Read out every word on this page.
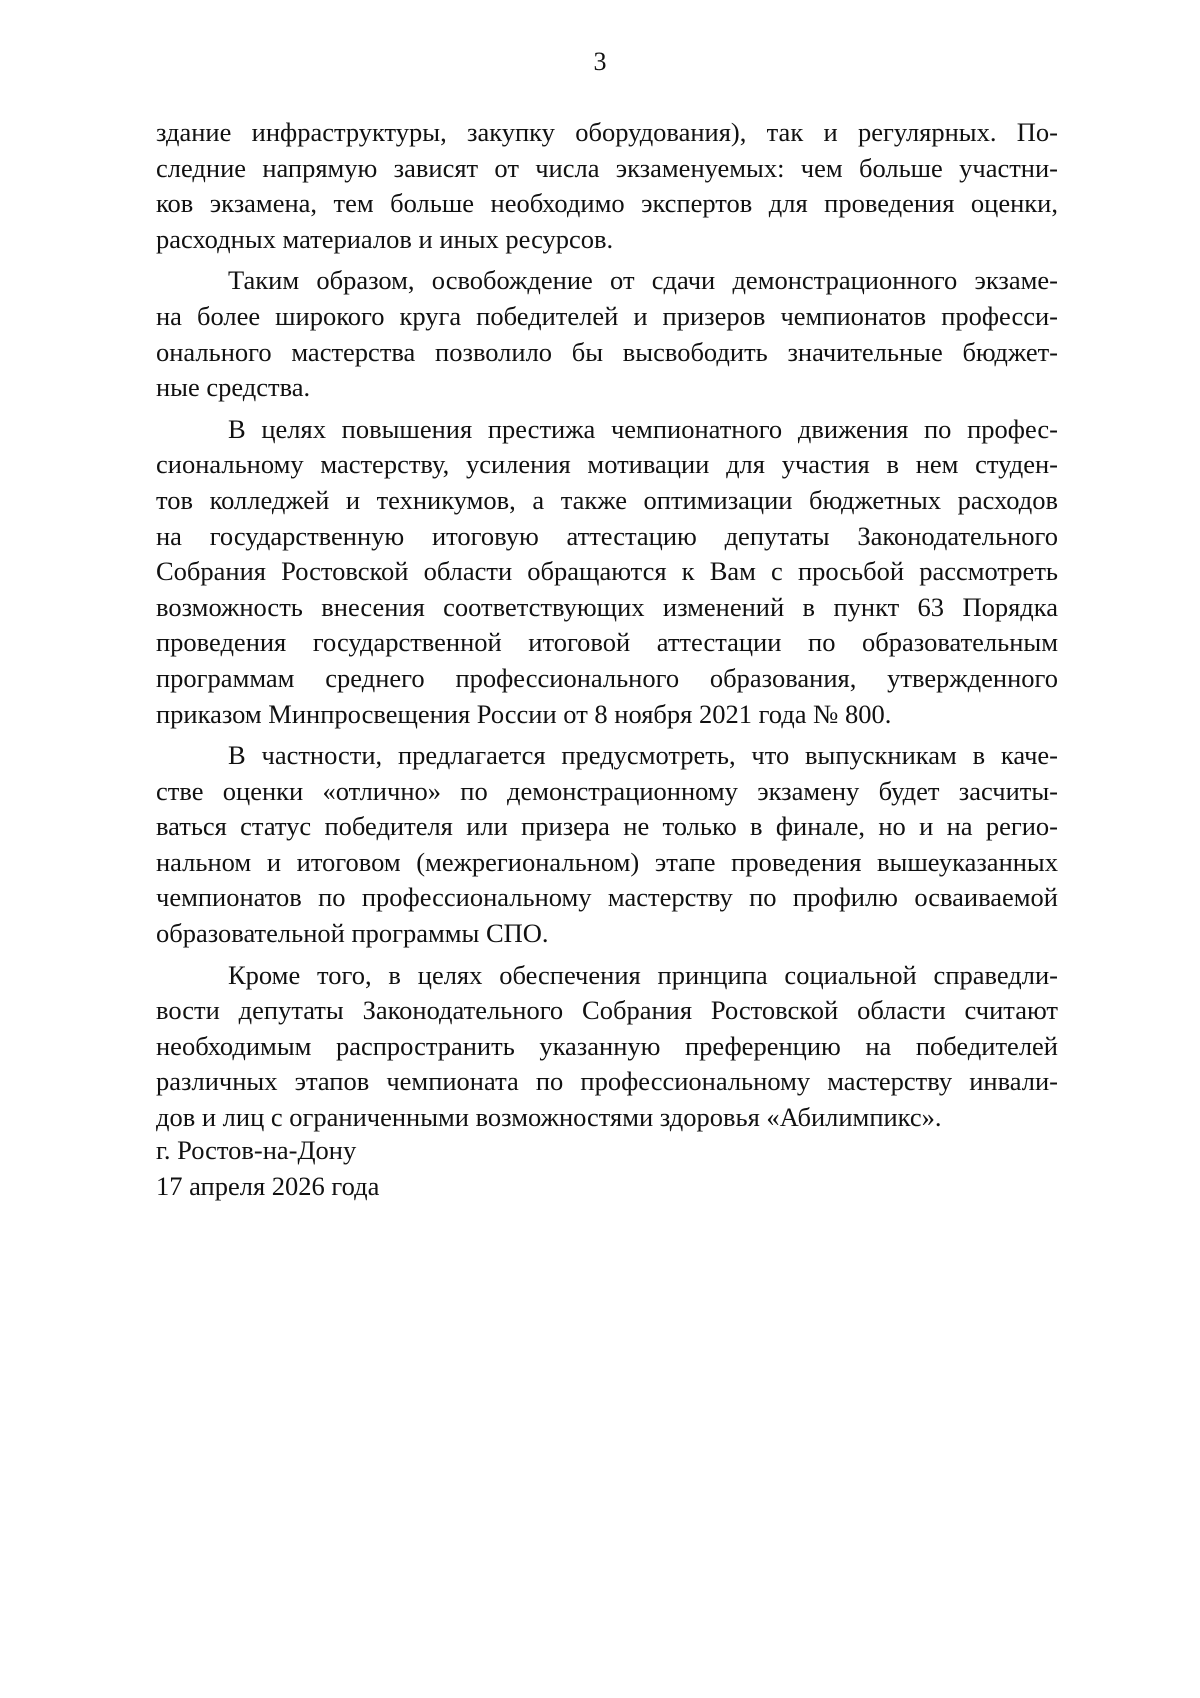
3
здание инфраструктуры, закупку оборудования), так и регулярных. По-
следние напрямую зависят от числа экзаменуемых: чем больше участни-
ков экзамена, тем больше необходимо экспертов для проведения оценки,
расходных материалов и иных ресурсов.
Таким образом, освобождение от сдачи демонстрационного экзаме-
на более широкого круга победителей и призеров чемпионатов професси-
онального мастерства позволило бы высвободить значительные бюджет-
ные средства.
В целях повышения престижа чемпионатного движения по профес-
сиональному мастерству, усиления мотивации для участия в нем студен-
тов колледжей и техникумов, а также оптимизации бюджетных расходов
на государственную итоговую аттестацию депутаты Законодательного
Собрания Ростовской области обращаются к Вам с просьбой рассмотреть
возможность внесения соответствующих изменений в пункт 63 Порядка
проведения государственной итоговой аттестации по образовательным
программам среднего профессионального образования, утвержденного
приказом Минпросвещения России от 8 ноября 2021 года № 800.
В частности, предлагается предусмотреть, что выпускникам в каче-
стве оценки «отлично» по демонстрационному экзамену будет засчиты-
ваться статус победителя или призера не только в финале, но и на регио-
нальном и итоговом (межрегиональном) этапе проведения вышеуказанных
чемпионатов по профессиональному мастерству по профилю осваиваемой
образовательной программы СПО.
Кроме того, в целях обеспечения принципа социальной справедли-
вости депутаты Законодательного Собрания Ростовской области считают
необходимым распространить указанную преференцию на победителей
различных этапов чемпионата по профессиональному мастерству инвали-
дов и лиц с ограниченными возможностями здоровья «Абилимпикс».
г. Ростов-на-Дону
17 апреля 2026 года
